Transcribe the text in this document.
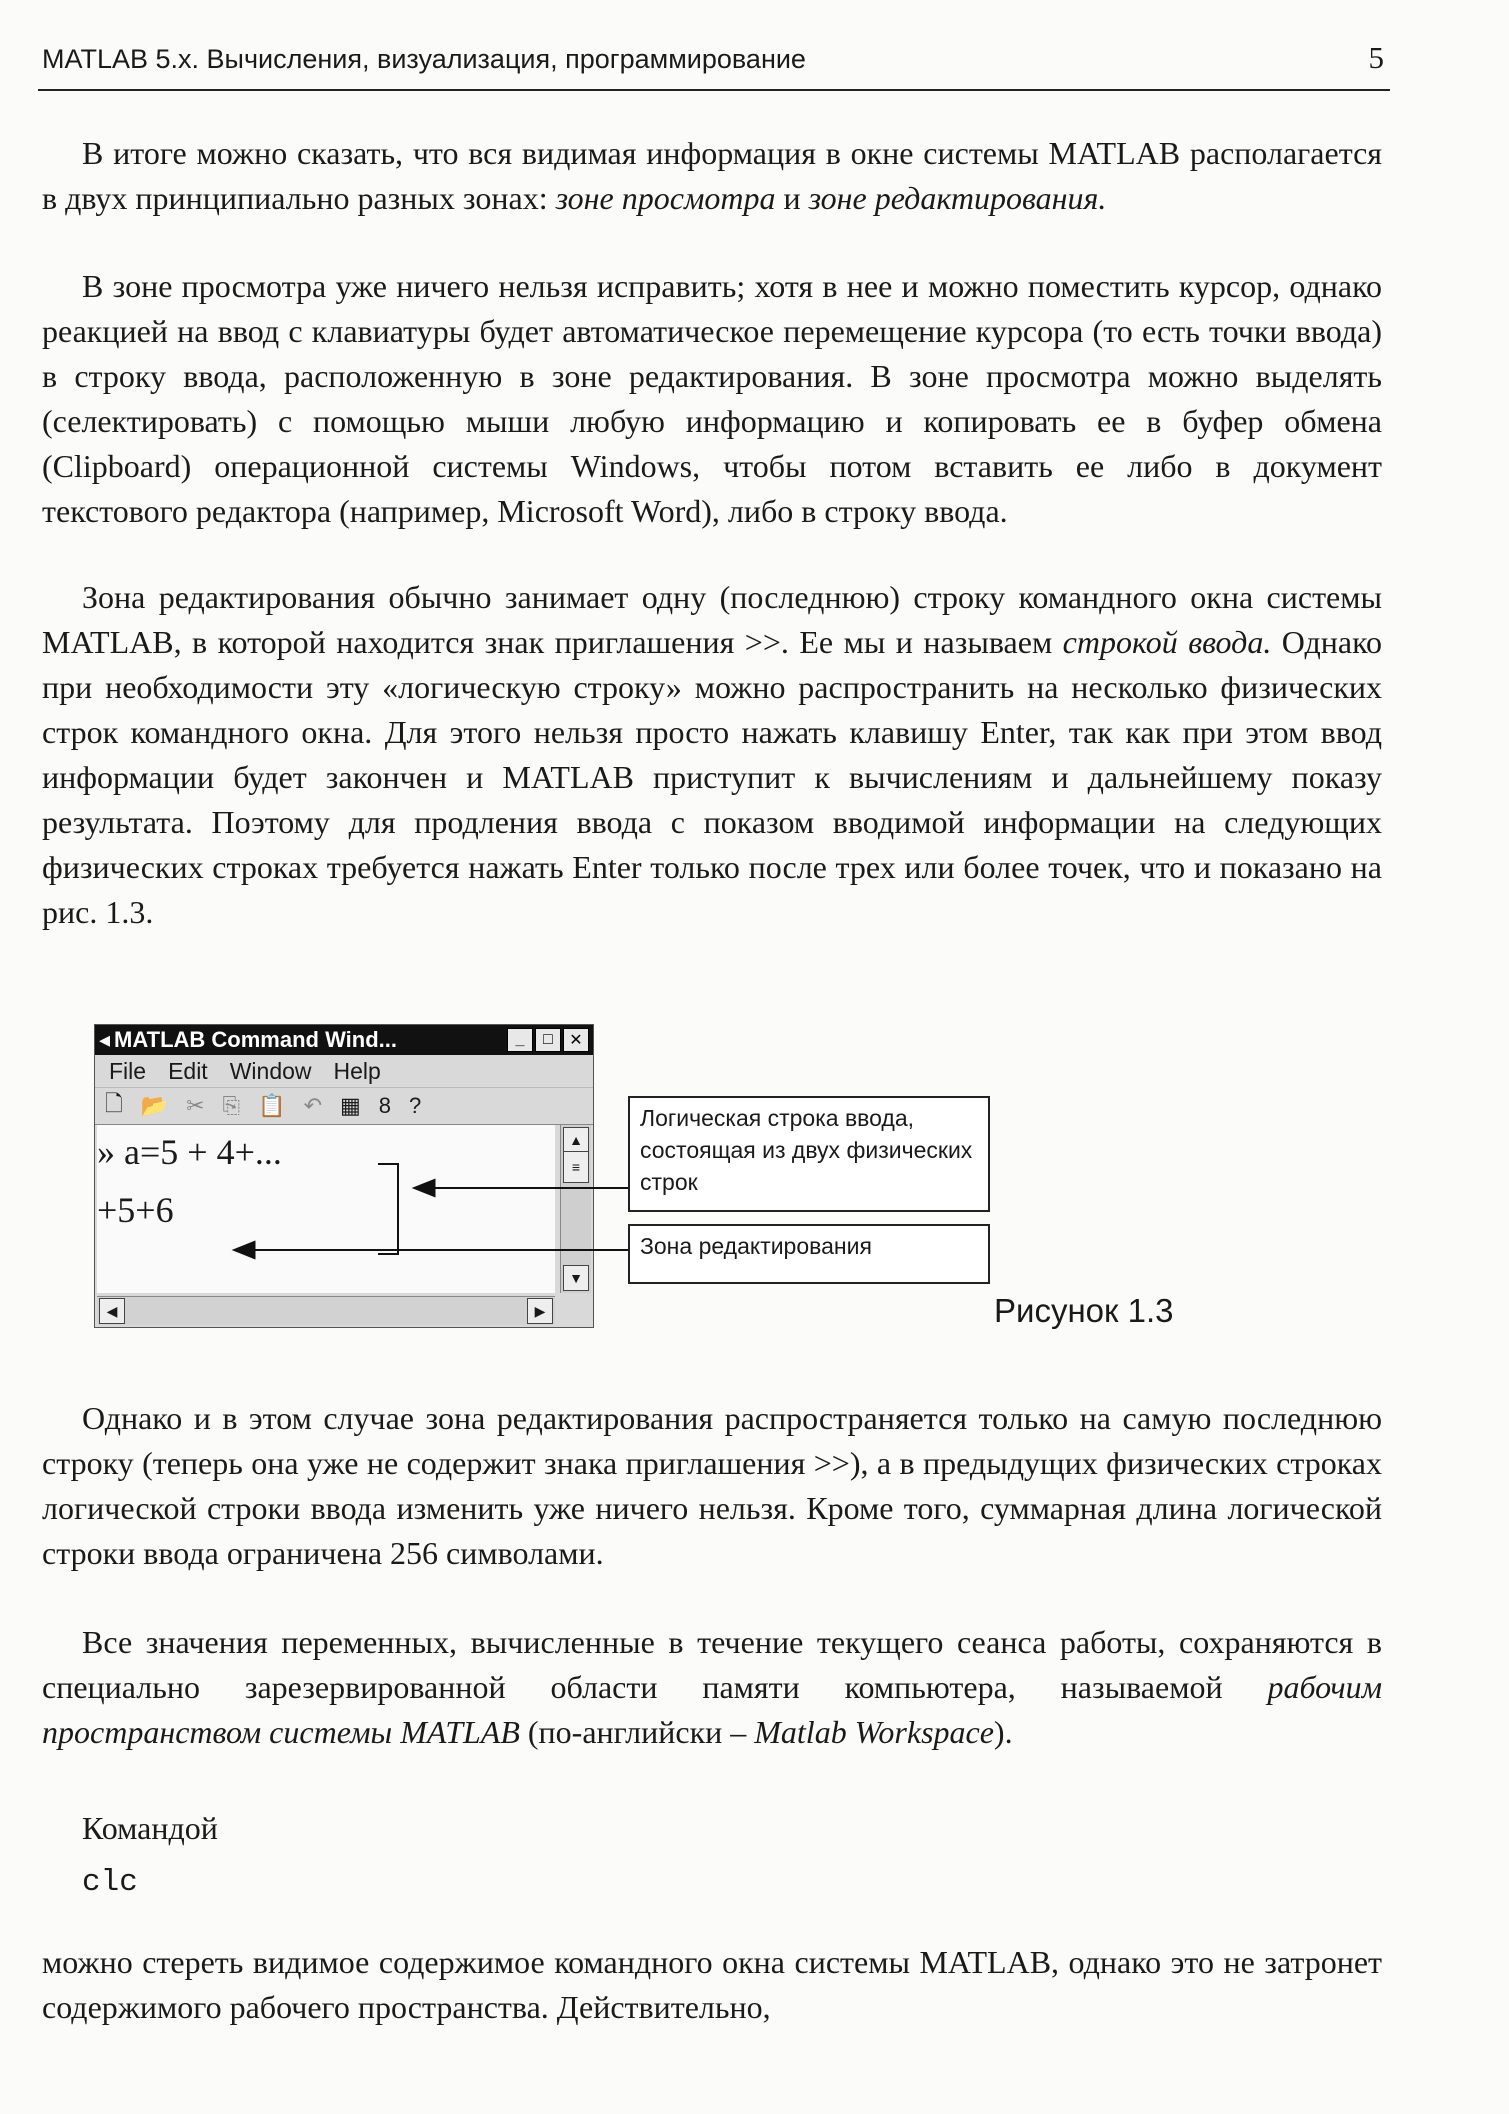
MATLAB 5.x. Вычисления, визуализация, программирование	5
В итоге можно сказать, что вся видимая информация в окне системы MATLAB располагается в двух принципиально разных зонах: зоне просмотра и зоне редактирования.
В зоне просмотра уже ничего нельзя исправить; хотя в нее и можно поместить курсор, однако реакцией на ввод с клавиатуры будет автоматическое перемещение курсора (то есть точки ввода) в строку ввода, расположенную в зоне редактирования. В зоне просмотра можно выделять (селектировать) с помощью мыши любую информацию и копировать ее в буфер обмена (Clipboard) операционной системы Windows, чтобы потом вставить ее либо в документ текстового редактора (например, Microsoft Word), либо в строку ввода.
Зона редактирования обычно занимает одну (последнюю) строку командного окна системы MATLAB, в которой находится знак приглашения >>. Ее мы и называем строкой ввода. Однако при необходимости эту «логическую строку» можно распространить на несколько физических строк командного окна. Для этого нельзя просто нажать клавишу Enter, так как при этом ввод информации будет закончен и MATLAB приступит к вычислениям и дальнейшему показу результата. Поэтому для продления ввода с показом вводимой информации на следующих физических строках требуется нажать Enter только после трех или более точек, что и показано на рис. 1.3.
◂ MATLAB Command Wind...	_	□	✕
File Edit Window Help
🗋 📂 ✂ ⎘ 📋 ↶ ▦ 8 ?
» a=5 + 4+...
+5+6
▲
≡
▼
◀	▶
Логическая строка ввода, состоящая из двух физических строк
Зона редактирования
Рисунок 1.3
Однако и в этом случае зона редактирования распространяется только на самую последнюю строку (теперь она уже не содержит знака приглашения >>), а в предыдущих физических строках логической строки ввода изменить уже ничего нельзя. Кроме того, суммарная длина логической строки ввода ограничена 256 символами.
Все значения переменных, вычисленные в течение текущего сеанса работы, сохраняются в специально зарезервированной области памяти компьютера, называемой рабочим пространством системы MATLAB (по-английски – Matlab Workspace).
Командой
clc
можно стереть видимое содержимое командного окна системы MATLAB, однако это не затронет содержимого рабочего пространства. Действительно,
